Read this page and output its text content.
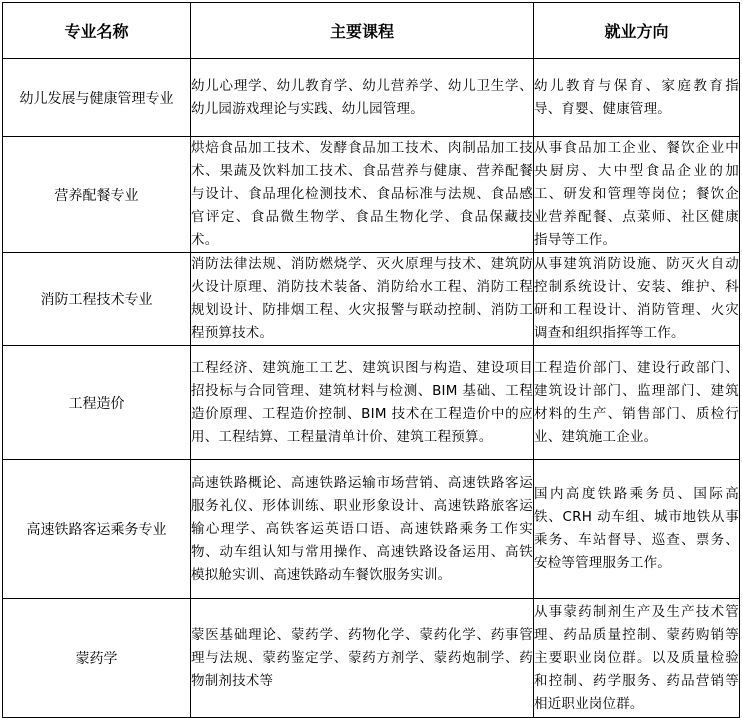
专业名称	主要课程	就业方向
幼儿发展与健康管理专业	幼儿心理学、幼儿教育学、幼儿营养学、幼儿卫生学、幼儿园游戏理论与实践、幼儿园管理。	幼儿教育与保育、家庭教育指导、育婴、健康管理。
营养配餐专业	烘焙食品加工技术、发酵食品加工技术、肉制品加工技术、果蔬及饮料加工技术、食品营养与健康、营养配餐与设计、食品理化检测技术、食品标准与法规、食品感官评定、食品微生物学、食品生物化学、食品保藏技术。	从事食品加工企业、餐饮企业中央厨房、大中型食品企业的加工、研发和管理等岗位；餐饮企业营养配餐、点菜师、社区健康指导等工作。
消防工程技术专业	消防法律法规、消防燃烧学、灭火原理与技术、建筑防火设计原理、消防技术装备、消防给水工程、消防工程规划设计、防排烟工程、火灾报警与联动控制、消防工程预算技术。	从事建筑消防设施、防灭火自动控制系统设计、安装、维护、科研和工程设计、消防管理、火灾调查和组织指挥等工作。
工程造价	工程经济、建筑施工工艺、建筑识图与构造、建设项目招投标与合同管理、建筑材料与检测、BIM 基础、工程造价原理、工程造价控制、BIM 技术在工程造价中的应用、工程结算、工程量清单计价、建筑工程预算。	工程造价部门、建设行政部门、建筑设计部门、监理部门、建筑材料的生产、销售部门、质检行业、建筑施工企业。
高速铁路客运乘务专业	高速铁路概论、高速铁路运输市场营销、高速铁路客运服务礼仪、形体训练、职业形象设计、高速铁路旅客运输心理学、高铁客运英语口语、高速铁路乘务工作实物、动车组认知与常用操作、高速铁路设备运用、高铁模拟舱实训、高速铁路动车餐饮服务实训。	国内高度铁路乘务员、国际高铁、CRH 动车组、城市地铁从事乘务、车站督导、巡查、票务、安检等管理服务工作。
蒙药学	蒙医基础理论、蒙药学、药物化学、蒙药化学、药事管理与法规、蒙药鉴定学、蒙药方剂学、蒙药炮制学、药物制剂技术等	从事蒙药制剂生产及生产技术管理、药品质量控制、蒙药购销等主要职业岗位群。以及质量检验和控制、药学服务、药品营销等相近职业岗位群。
